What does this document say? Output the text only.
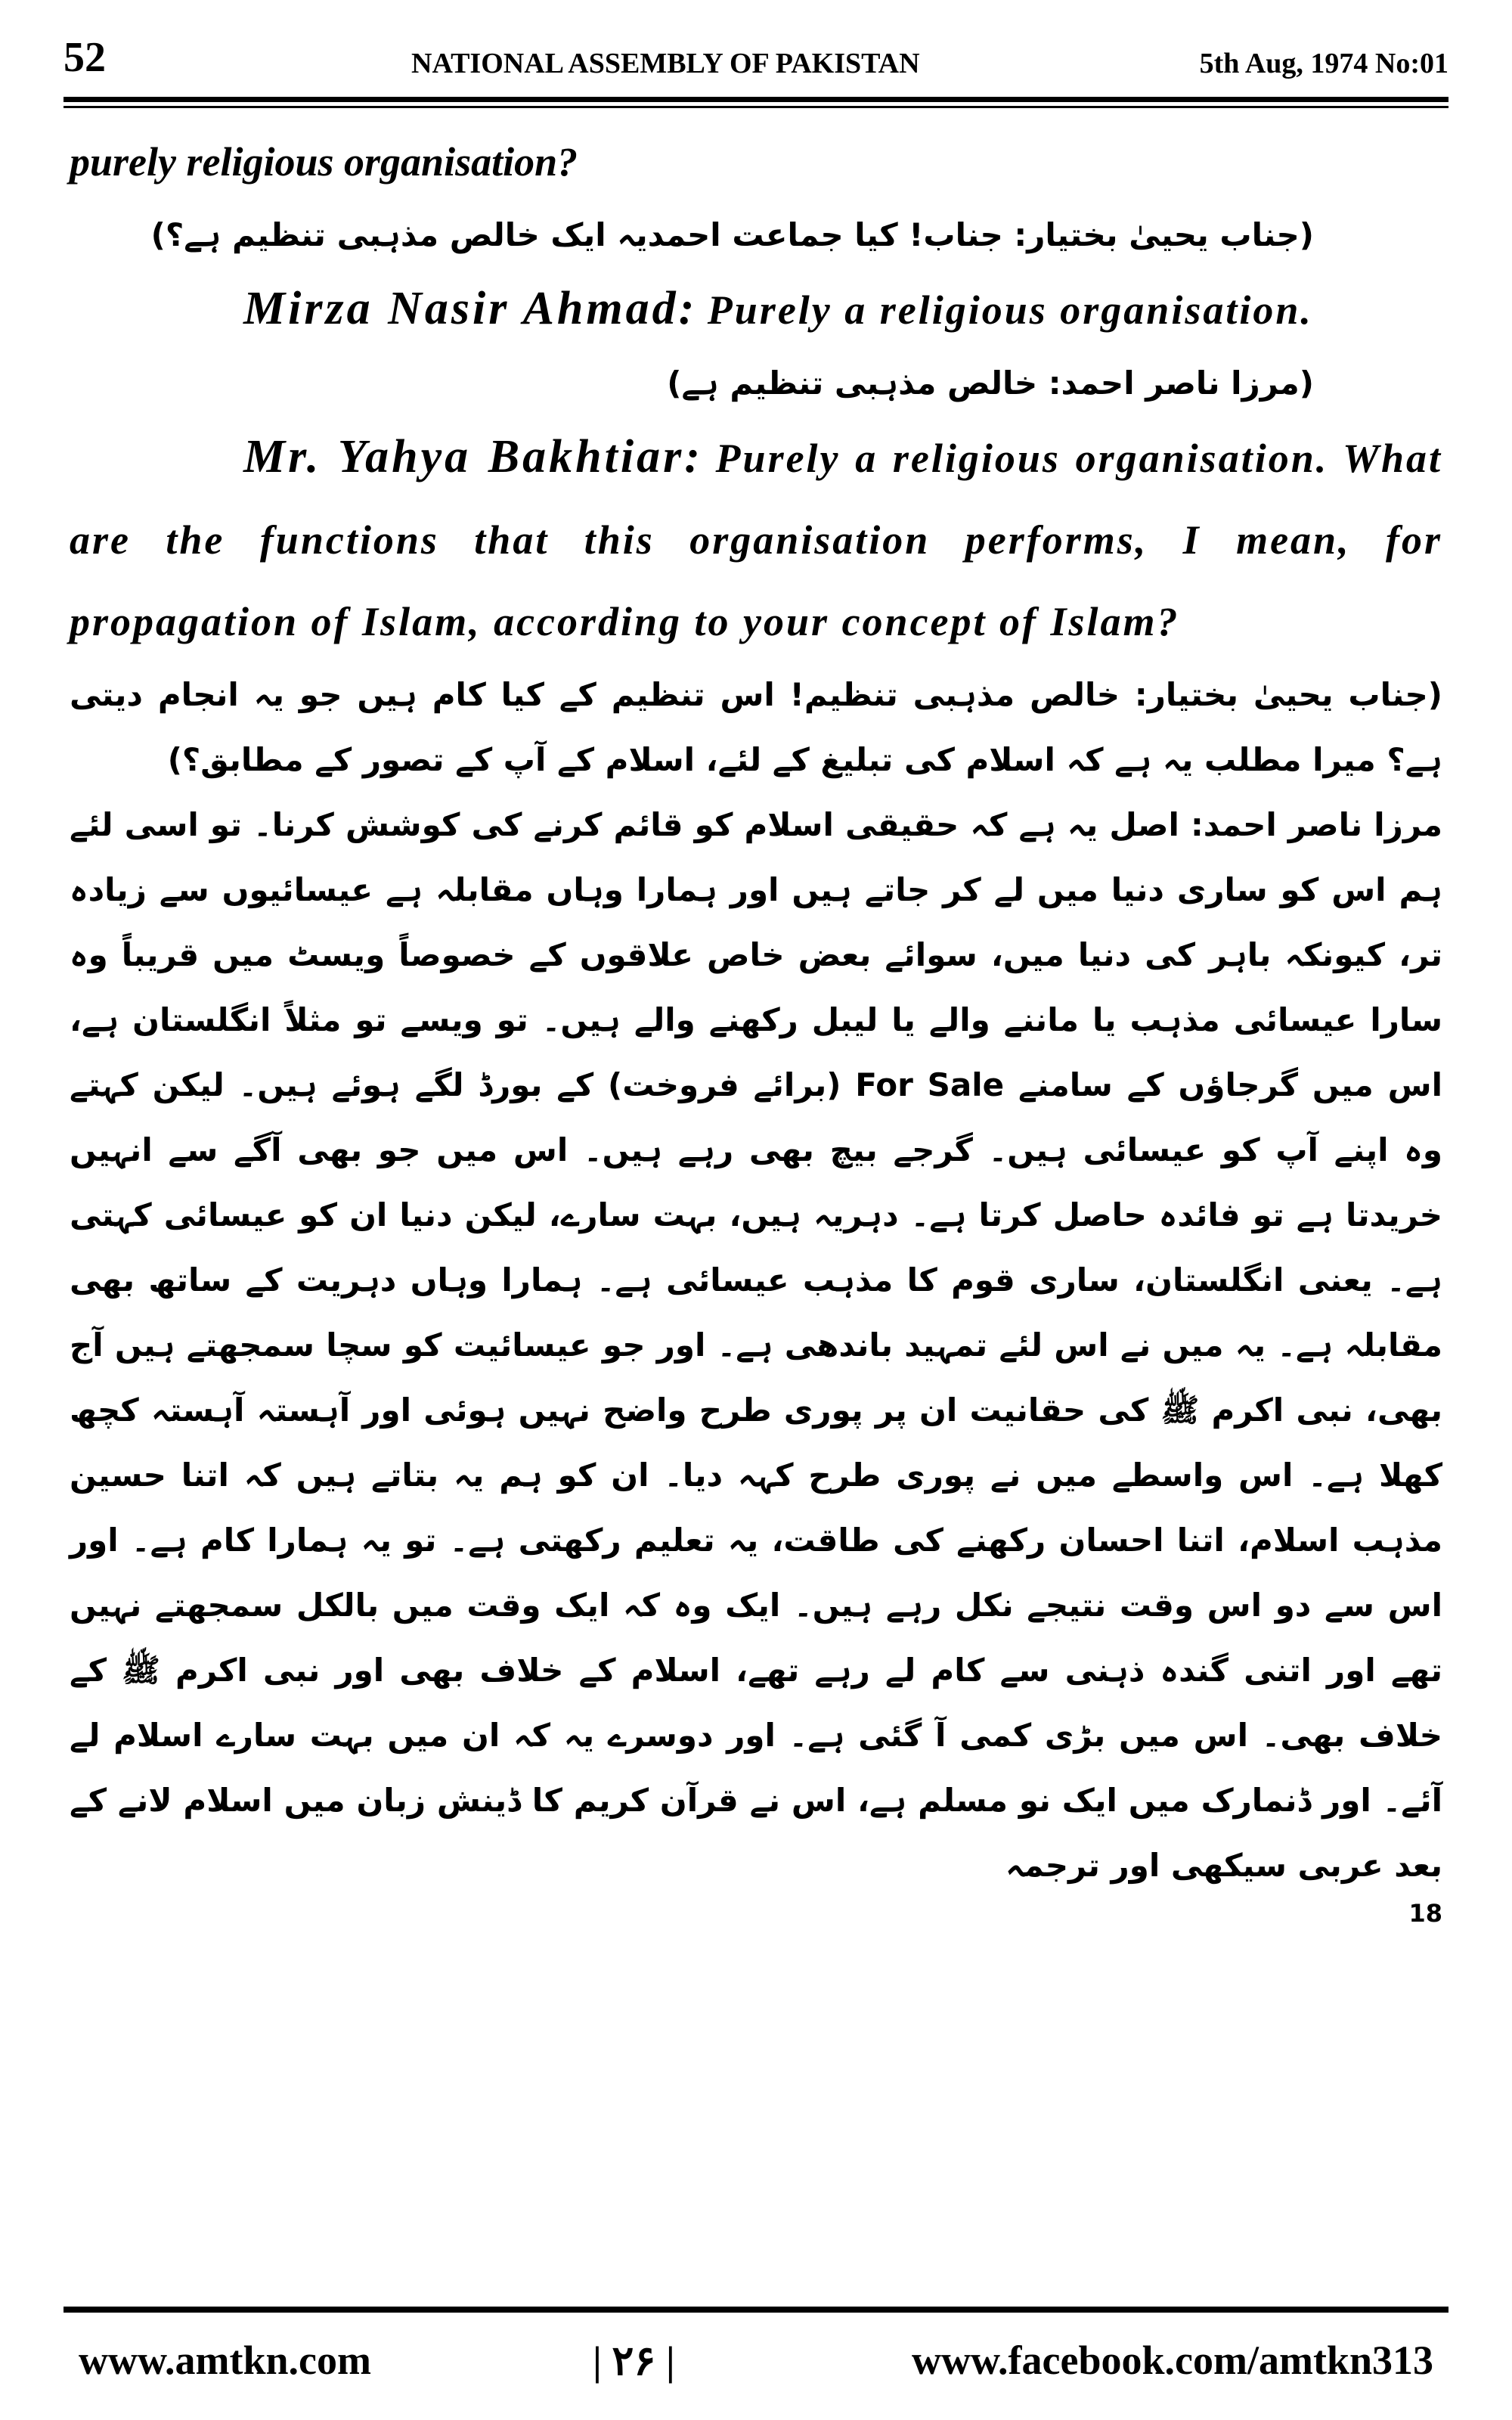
52	NATIONAL ASSEMBLY OF PAKISTAN	5th Aug, 1974 No:01

purely religious organisation?

(جناب یحییٰ بختیار: جناب! کیا جماعت احمدیہ ایک خالص مذہبی تنظیم ہے؟)

Mirza Nasir Ahmad: Purely a religious organisation.

(مرزا ناصر احمد: خالص مذہبی تنظیم ہے)

Mr. Yahya Bakhtiar: Purely a religious organisation. What are the functions that this organisation performs, I mean, for propagation of Islam, according to your concept of Islam?

(جناب یحییٰ بختیار: خالص مذہبی تنظیم! اس تنظیم کے کیا کام ہیں جو یہ انجام دیتی ہے؟ میرا مطلب یہ ہے کہ اسلام کی تبلیغ کے لئے، اسلام کے آپ کے تصور کے مطابق؟)

مرزا ناصر احمد: اصل یہ ہے کہ حقیقی اسلام کو قائم کرنے کی کوشش کرنا۔ تو اسی لئے ہم اس کو ساری دنیا میں لے کر جاتے ہیں اور ہمارا وہاں مقابلہ ہے عیسائیوں سے زیادہ تر، کیونکہ باہر کی دنیا میں، سوائے بعض خاص علاقوں کے خصوصاً ویسٹ میں قریباً وہ سارا عیسائی مذہب یا ماننے والے یا لیبل رکھنے والے ہیں۔ تو ویسے تو مثلاً انگلستان ہے، اس میں گرجاؤں کے سامنے For Sale (برائے فروخت) کے بورڈ لگے ہوئے ہیں۔ لیکن کہتے وہ اپنے آپ کو عیسائی ہیں۔ گرجے بیچ بھی رہے ہیں۔ اس میں جو بھی آگے سے انہیں خریدتا ہے تو فائدہ حاصل کرتا ہے۔ دہریہ ہیں، بہت سارے، لیکن دنیا ان کو عیسائی کہتی ہے۔ یعنی انگلستان، ساری قوم کا مذہب عیسائی ہے۔ ہمارا وہاں دہریت کے ساتھ بھی مقابلہ ہے۔ یہ میں نے اس لئے تمہید باندھی ہے۔ اور جو عیسائیت کو سچا سمجھتے ہیں آج بھی، نبی اکرم ﷺ کی حقانیت ان پر پوری طرح واضح نہیں ہوئی اور آہستہ آہستہ کچھ کھلا ہے۔ اس واسطے میں نے پوری طرح کہہ دیا۔ ان کو ہم یہ بتاتے ہیں کہ اتنا حسین مذہب اسلام، اتنا احسان رکھنے کی طاقت، یہ تعلیم رکھتی ہے۔ تو یہ ہمارا کام ہے۔ اور اس سے دو اس وقت نتیجے نکل رہے ہیں۔ ایک وہ کہ ایک وقت میں بالکل سمجھتے نہیں تھے اور اتنی گندہ ذہنی سے کام لے رہے تھے، اسلام کے خلاف بھی اور نبی اکرم ﷺ کے خلاف بھی۔ اس میں بڑی کمی آ گئی ہے۔ اور دوسرے یہ کہ ان میں بہت سارے اسلام لے آئے۔ اور ڈنمارک میں ایک نو مسلم ہے، اس نے قرآن کریم کا ڈینش زبان میں اسلام لانے کے بعد عربی سیکھی اور ترجمہ

18

www.amtkn.com	| ۲۶ |	www.facebook.com/amtkn313
